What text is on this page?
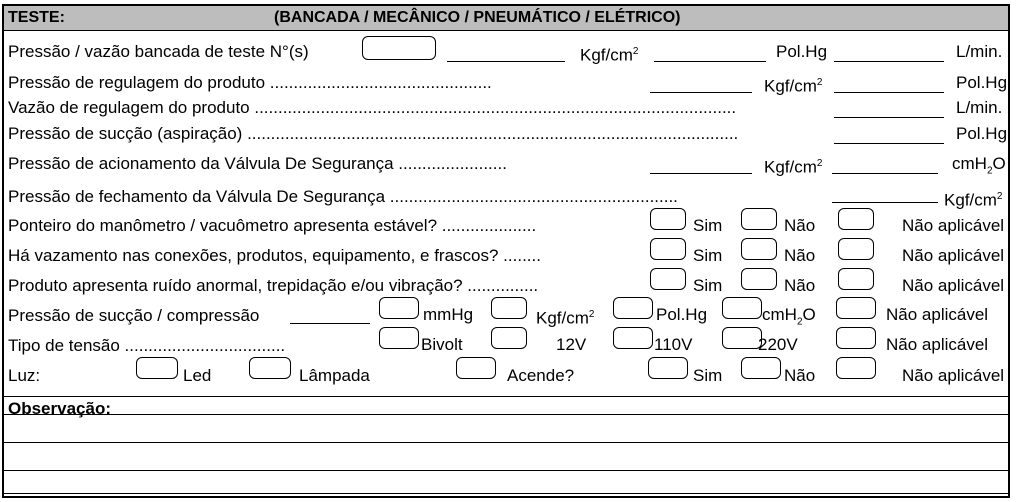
TESTE:	(BANCADA / MECÂNICO / PNEUMÁTICO / ELÉTRICO)
Pressão / vazão bancada de teste N°(s)	Kgf/$cm^2$	Pol.Hg	L/min.
Pressão de regulagem do produto ...............................................	Kgf/$cm^2$	Pol.Hg
Vazão de regulagem do produto ......................................................................................................	L/min.
Pressão de sucção (aspiração) ........................................................................................................	Pol.Hg
Pressão de acionamento da Válvula De Segurança .......................	Kgf/$cm^2$	cmH$_2$O
Pressão de fechamento da Válvula De Segurança .............................................................	Kgf/$cm^2$
Ponteiro do manômetro / vacuômetro apresenta estável? ....................	Sim	Não	Não aplicável
Há vazamento nas conexões, produtos, equipamento, e frascos? ........	Sim	Não	Não aplicável
Produto apresenta ruído anormal, trepidação e/ou vibração? ...............	Sim	Não	Não aplicável
Pressão de sucção / compressão	mmHg	Kgf/$cm^2$	Pol.Hg	cmH$_2$O	Não aplicável
Tipo de tensão ..................................	Bivolt	12V	110V	220V	Não aplicável
Luz:	Led	Lâmpada	Acende?	Sim	Não	Não aplicável
Observação:
